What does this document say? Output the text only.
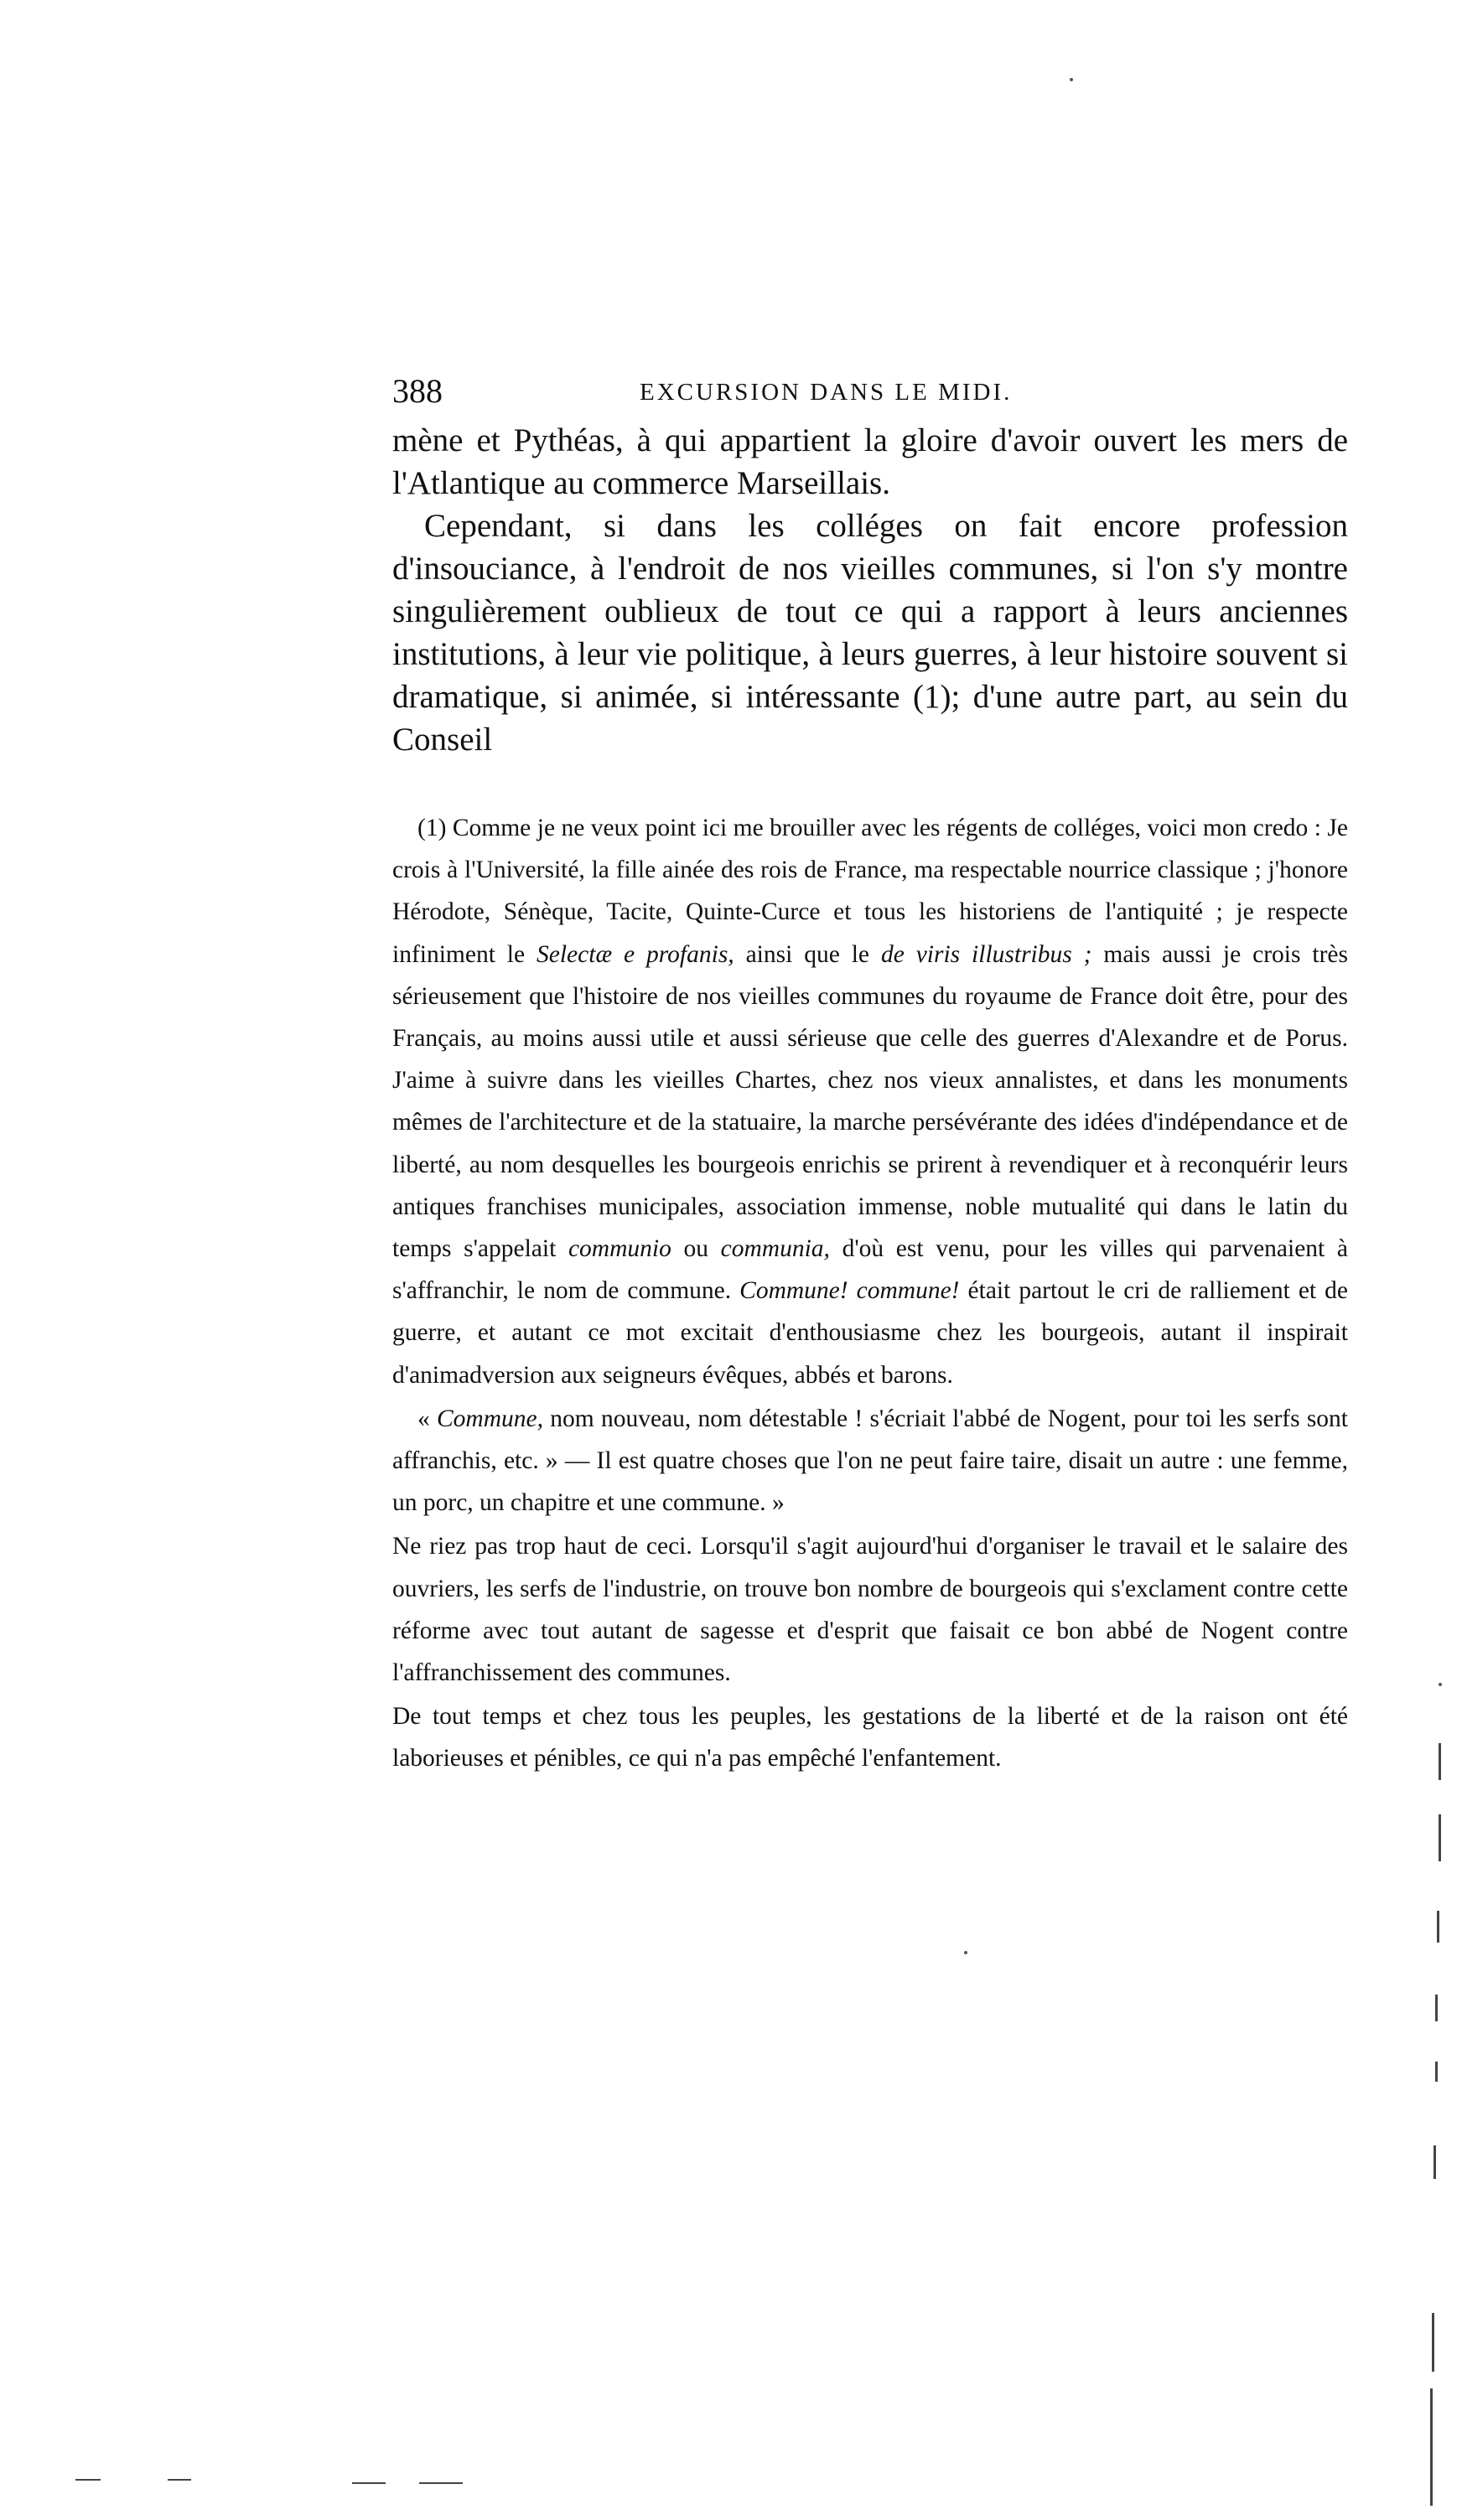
388	EXCURSION DANS LE MIDI.

mène et Pythéas, à qui appartient la gloire d'avoir ouvert les mers de l'Atlantique au commerce Marseillais.

Cependant, si dans les colléges on fait encore profession d'insouciance, à l'endroit de nos vieilles communes, si l'on s'y montre singulièrement oublieux de tout ce qui a rapport à leurs anciennes institutions, à leur vie politique, à leurs guerres, à leur histoire souvent si dramatique, si animée, si intéressante (1); d'une autre part, au sein du Conseil

(1) Comme je ne veux point ici me brouiller avec les régents de colléges, voici mon credo : Je crois à l'Université, la fille ainée des rois de France, ma respectable nourrice classique ; j'honore Hérodote, Sénèque, Tacite, Quinte-Curce et tous les historiens de l'antiquité ; je respecte infiniment le Selectæ e profanis, ainsi que le de viris illustribus ; mais aussi je crois très sérieusement que l'histoire de nos vieilles communes du royaume de France doit être, pour des Français, au moins aussi utile et aussi sérieuse que celle des guerres d'Alexandre et de Porus. J'aime à suivre dans les vieilles Chartes, chez nos vieux annalistes, et dans les monuments mêmes de l'architecture et de la statuaire, la marche persévérante des idées d'indépendance et de liberté, au nom desquelles les bourgeois enrichis se prirent à revendiquer et à reconquérir leurs antiques franchises municipales, association immense, noble mutualité qui dans le latin du temps s'appelait communio ou communia, d'où est venu, pour les villes qui parvenaient à s'affranchir, le nom de commune. Commune! commune! était partout le cri de ralliement et de guerre, et autant ce mot excitait d'enthousiasme chez les bourgeois, autant il inspirait d'animadversion aux seigneurs évêques, abbés et barons.

« Commune, nom nouveau, nom détestable ! s'écriait l'abbé de Nogent, pour toi les serfs sont affranchis, etc. » — Il est quatre choses que l'on ne peut faire taire, disait un autre : une femme, un porc, un chapitre et une commune. »

Ne riez pas trop haut de ceci. Lorsqu'il s'agit aujourd'hui d'organiser le travail et le salaire des ouvriers, les serfs de l'industrie, on trouve bon nombre de bourgeois qui s'exclament contre cette réforme avec tout autant de sagesse et d'esprit que faisait ce bon abbé de Nogent contre l'affranchissement des communes.

De tout temps et chez tous les peuples, les gestations de la liberté et de la raison ont été laborieuses et pénibles, ce qui n'a pas empêché l'enfantement.
